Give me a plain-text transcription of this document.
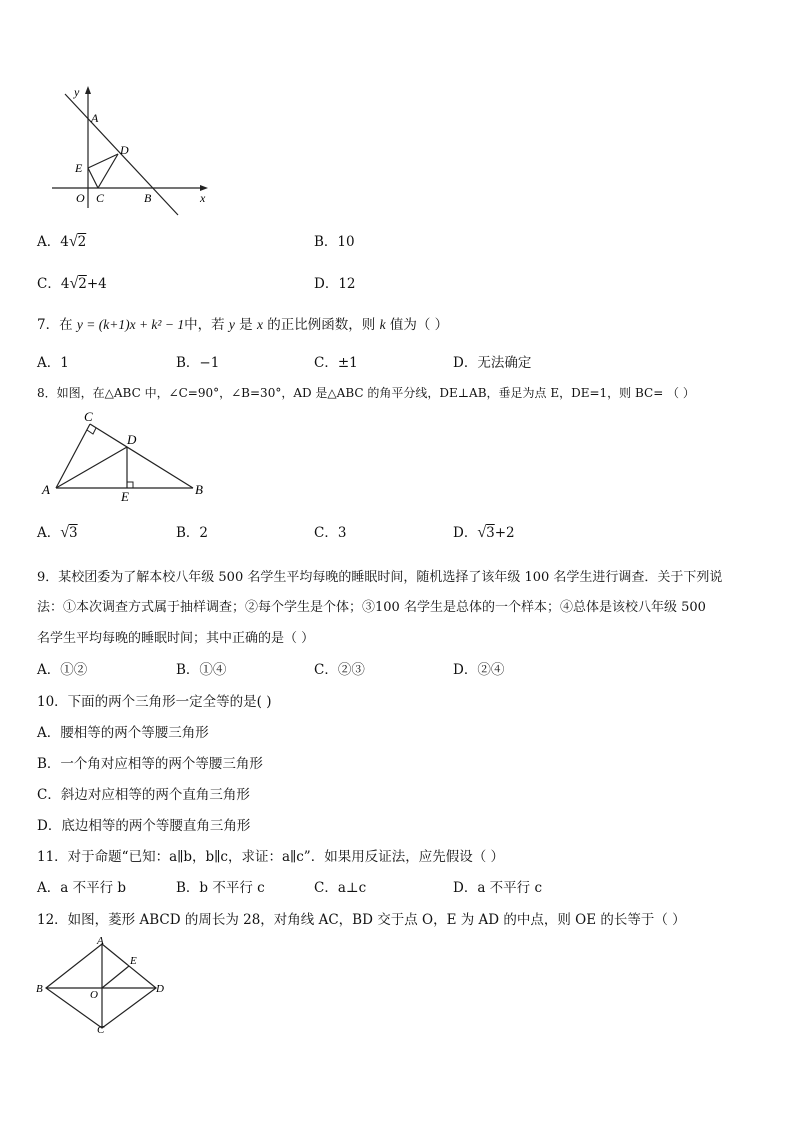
y
x
A
D
E
O C	B
A．4√2	B．10
C．4√2+4	D．12
7．在 y = (k+1)x + k² − 1中，若 y 是 x 的正比例函数，则 k 值为（ ）
A．1	B．−1	C．±1	D．无法确定
8．如图，在△ABC 中，∠C=90°，∠B=30°，AD 是△ABC 的角平分线，DE⊥AB，垂足为点 E，DE=1，则 BC= （ ）
C
D
A	E	B
A．√3	B．2	C．3	D．√3+2
9．某校团委为了解本校八年级 500 名学生平均每晚的睡眠时间，随机选择了该年级 100 名学生进行调查．关于下列说
法：①本次调查方式属于抽样调查；②每个学生是个体；③100 名学生是总体的一个样本；④总体是该校八年级 500
名学生平均每晚的睡眠时间；其中正确的是（ ）
A．①②	B．①④	C．②③	D．②④
10．下面的两个三角形一定全等的是( )
A．腰相等的两个等腰三角形
B．一个角对应相等的两个等腰三角形
C．斜边对应相等的两个直角三角形
D．底边相等的两个等腰直角三角形
11．对于命题“已知：a∥b，b∥c，求证：a∥c”．如果用反证法，应先假设（ ）
A．a 不平行 b	B．b 不平行 c	C．a⊥c	D．a 不平行 c
12．如图，菱形 ABCD 的周长为 28，对角线 AC，BD 交于点 O，E 为 AD 的中点，则 OE 的长等于（ ）
A
E
B	O	D
C
